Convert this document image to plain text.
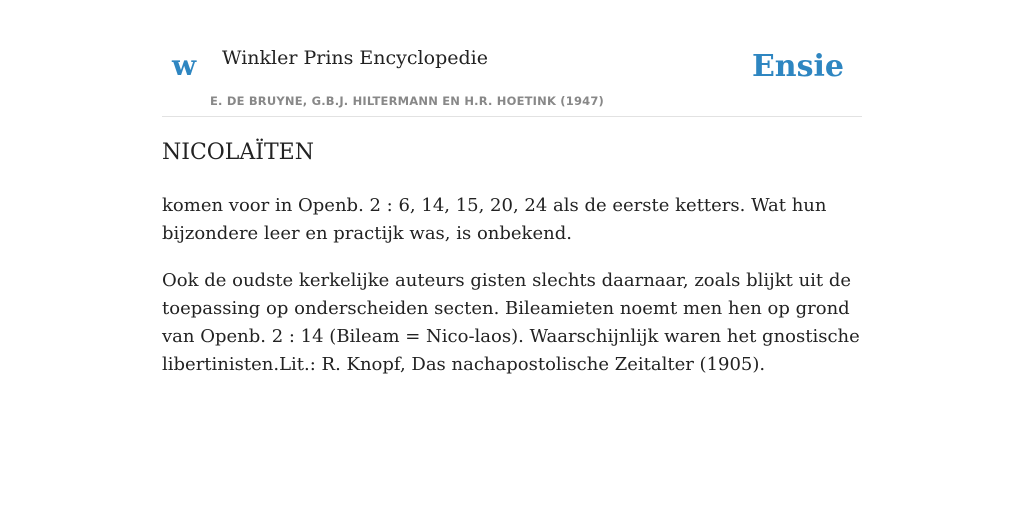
w Winkler Prins Encyclopedie
E. DE BRUYNE, G.B.J. HILTERMANN EN H.R. HOETINK (1947)
Ensie
NICOLAÏTEN

komen voor in Openb. 2 : 6, 14, 15, 20, 24 als de eerste ketters. Wat hun bijzondere leer en practijk was, is onbekend.

Ook de oudste kerkelijke auteurs gisten slechts daarnaar, zoals blijkt uit de toepassing op onderscheiden secten. Bileamieten noemt men hen op grond van Openb. 2 : 14 (Bileam = Nico-laos). Waarschijnlijk waren het gnostische libertinisten.Lit.: R. Knopf, Das nachapostolische Zeitalter (1905).
